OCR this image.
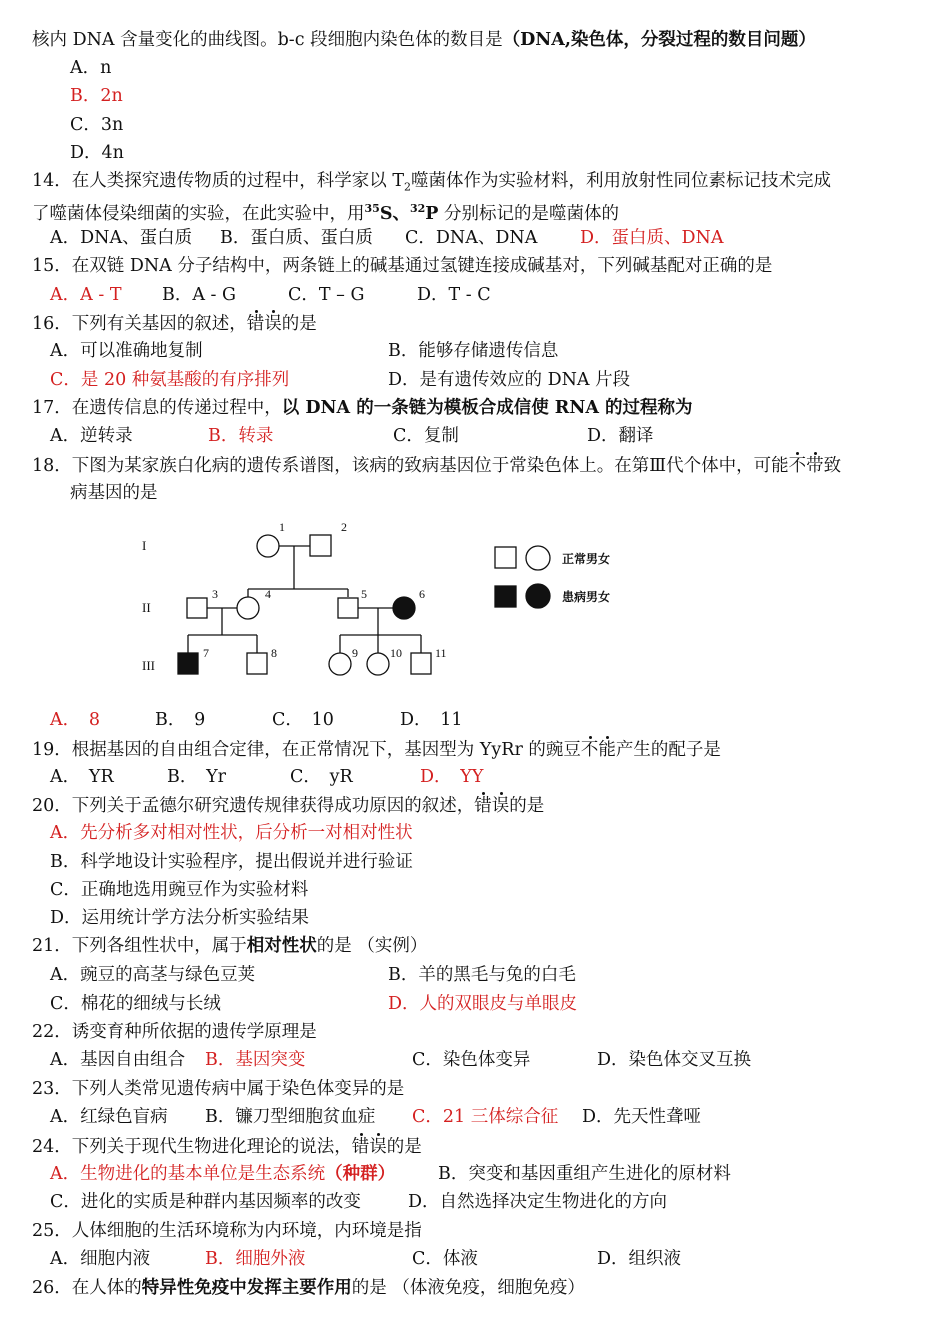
核内 DNA 含量变化的曲线图。b-c 段细胞内染色体的数目是（DNA,染色体，分裂过程的数目问题）
A．n
B．2n
C．3n
D．4n
14．在人类探究遗传物质的过程中，科学家以 $T_2$噬菌体作为实验材料，利用放射性同位素标记技术完成
了噬菌体侵染细菌的实验，在此实验中，用$^{35}$S、$^{32}$P 分别标记的是噬菌体的
A．DNA、蛋白质 B．蛋白质、蛋白质 C．DNA、DNA D．蛋白质、DNA
15．在双链 DNA 分子结构中，两条链上的碱基通过氢键连接成碱基对，下列碱基配对正确的是
A．A - T B．A - G	C．T – G	D．T - C
16．下列有关基因的叙述，错误的是
A．可以准确地复制	B．能够存储遗传信息
C．是 20 种氨基酸的有序排列	D．是有遗传效应的 DNA 片段
17．在遗传信息的传递过程中，以 DNA 的一条链为模板合成信使 RNA 的过程称为
A．逆转录	B．转录	C．复制	D．翻译
18．下图为某家族白化病的遗传系谱图，该病的致病基因位于常染色体上。在第Ⅲ代个体中，可能不带致
病基因的是
I
II
III
1	2
3	4	5	6
7	8	9	10	11
正常男女
患病男女
A．　8	B．　9	C．　10	D．　11
19．根据基因的自由组合定律，在正常情况下，基因型为 YyRr 的豌豆不能产生的配子是
A．　YR	B．　Yr	C．　yR	D．　YY
20．下列关于孟德尔研究遗传规律获得成功原因的叙述，错误的是
A．先分析多对相对性状，后分析一对相对性状
B．科学地设计实验程序，提出假说并进行验证
C．正确地选用豌豆作为实验材料
D．运用统计学方法分析实验结果
21．下列各组性状中，属于相对性状的是 （实例）
A．豌豆的高茎与绿色豆荚	B．羊的黑毛与兔的白毛
C．棉花的细绒与长绒	D．人的双眼皮与单眼皮
22．诱变育种所依据的遗传学原理是
A．基因自由组合 B．基因突变	C．染色体变异	D．染色体交叉互换
23．下列人类常见遗传病中属于染色体变异的是
A．红绿色盲病 B．镰刀型细胞贫血症 C．21 三体综合征 D．先天性聋哑
24．下列关于现代生物进化理论的说法，错误的是
A．生物进化的基本单位是生态系统（种群） B．突变和基因重组产生进化的原材料
C．进化的实质是种群内基因频率的改变	D．自然选择决定生物进化的方向
25．人体细胞的生活环境称为内环境，内环境是指
A．细胞内液	B．细胞外液	C．体液	D．组织液
26．在人体的特异性免疫中发挥主要作用的是 （体液免疫，细胞免疫）
